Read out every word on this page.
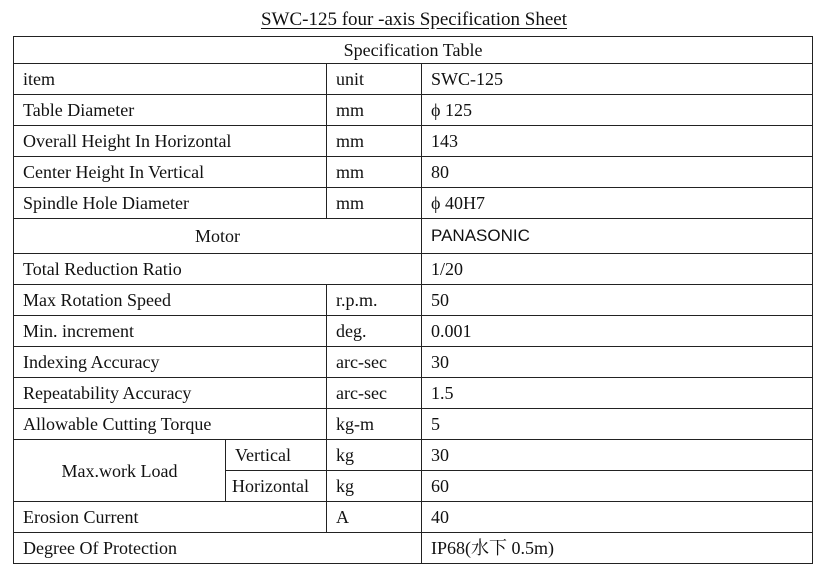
SWC-125 four -axis Specification Sheet
Specification Table			
item		unit	SWC-125
Table Diameter		mm	ϕ 125
Overall Height In Horizontal		mm	143
Center Height In Vertical		mm	80
Spindle Hole Diameter		mm	ϕ 40H7
Motor			PANASONIC
Total Reduction Ratio			1/20
Max Rotation Speed		r.p.m.	50
Min. increment		deg.	0.001
Indexing Accuracy		arc-sec	30
Repeatability Accuracy		arc-sec	1.5
Allowable Cutting Torque		kg-m	5
Max.work Load	Vertical	kg	30
	Horizontal	kg	60
Erosion Current		A	40
Degree Of Protection			IP68(水下 0.5m)
